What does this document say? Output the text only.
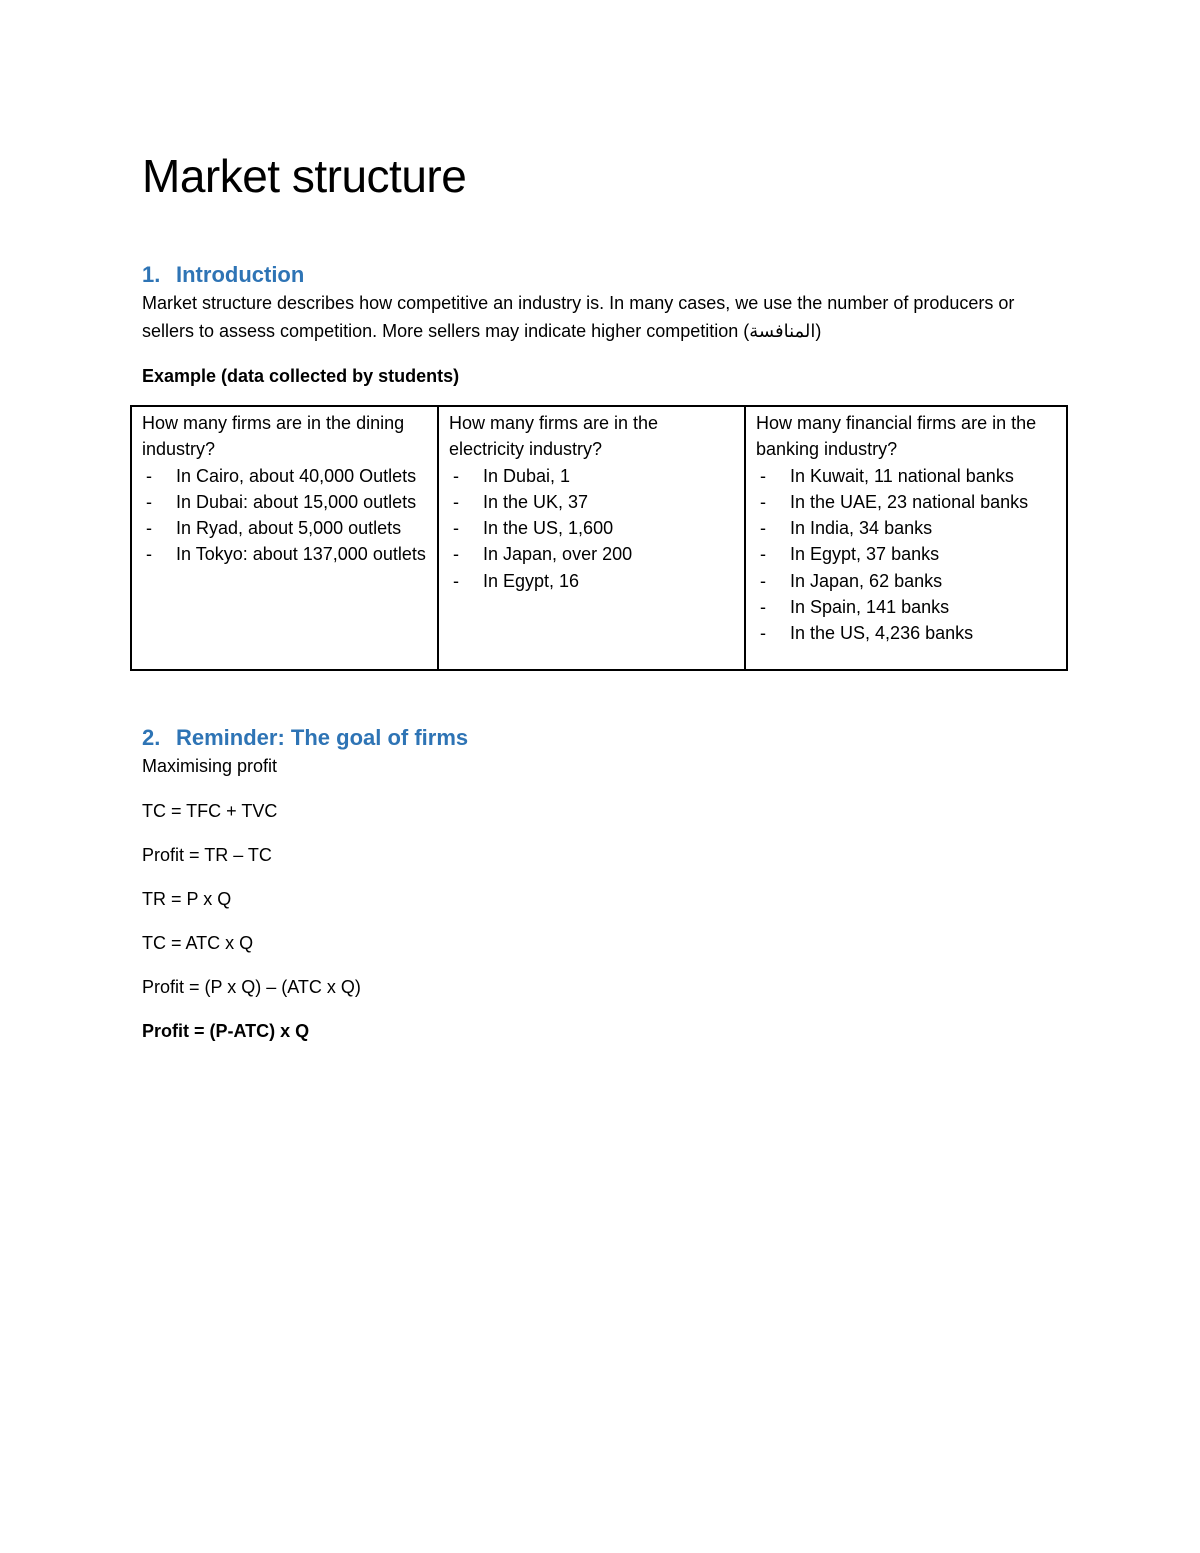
Market structure
1. Introduction
Market structure describes how competitive an industry is. In many cases, we use the number of producers or sellers to assess competition. More sellers may indicate higher competition (المنافسة)
Example (data collected by students)
How many firms are in the dining industry?
- In Cairo, about 40,000 Outlets
- In Dubai: about 15,000 outlets
- In Ryad, about 5,000 outlets
- In Tokyo: about 137,000 outlets

How many firms are in the electricity industry?
- In Dubai, 1
- In the UK, 37
- In the US, 1,600
- In Japan, over 200
- In Egypt, 16

How many financial firms are in the banking industry?
- In Kuwait, 11 national banks
- In the UAE, 23 national banks
- In India, 34 banks
- In Egypt, 37 banks
- In Japan, 62 banks
- In Spain, 141 banks
- In the US, 4,236 banks
2. Reminder: The goal of firms
Maximising profit
TC = TFC + TVC
Profit = TR – TC
TR = P x Q
TC = ATC x Q
Profit = (P x Q) – (ATC x Q)
Profit = (P-ATC) x Q
